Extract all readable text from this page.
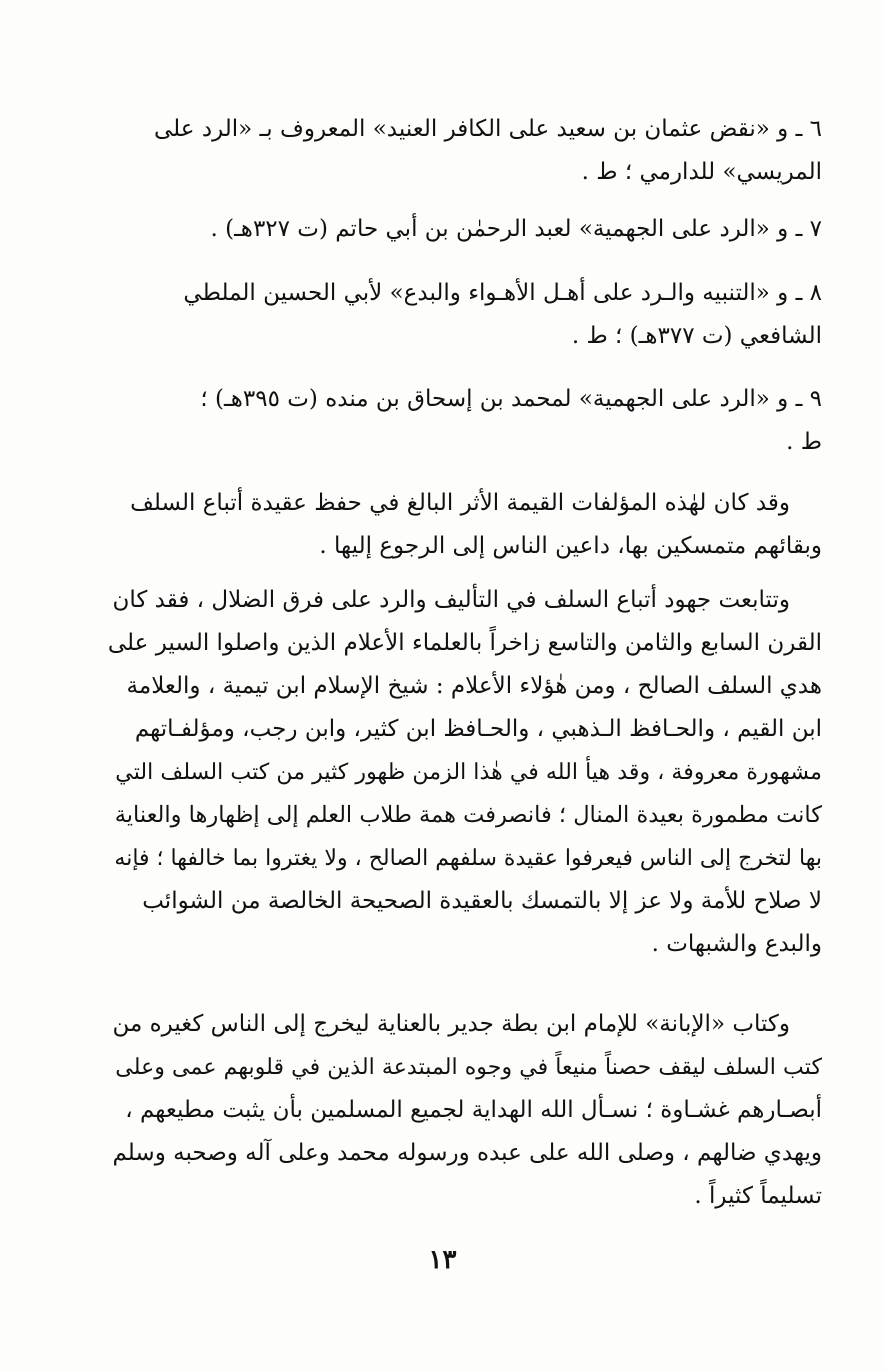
٦ ـ و «نقض عثمان بن سعيد على الكافر العنيد» المعروف بـ «الرد على
المريسي» للدارمي ؛ ط .
٧ ـ و «الرد على الجهمية» لعبد الرحمٰن بن أبي حاتم (ت ٣٢٧هـ) .
٨ ـ و «التنبيه والـرد على أهـل الأهـواء والبدع» لأبي الحسين الملطي
الشافعي (ت ٣٧٧هـ) ؛ ط .
٩ ـ و «الرد على الجهمية» لمحمد بن إسحاق بن منده (ت ٣٩٥هـ) ؛
ط .
وقد كان لهٰذه المؤلفات القيمة الأثر البالغ في حفظ عقيدة أتباع السلف
وبقائهم متمسكين بها، داعين الناس إلى الرجوع إليها .
وتتابعت جهود أتباع السلف في التأليف والرد على فرق الضلال ، فقد كان
القرن السابع والثامن والتاسع زاخراً بالعلماء الأعلام الذين واصلوا السير على
هدي السلف الصالح ، ومن هٰؤلاء الأعلام : شيخ الإسلام ابن تيمية ، والعلامة
ابن القيم ، والحـافظ الـذهبي ، والحـافظ ابن كثير، وابن رجب، ومؤلفـاتهم
مشهورة معروفة ، وقد هيأ الله في هٰذا الزمن ظهور كثير من كتب السلف التي
كانت مطمورة بعيدة المنال ؛ فانصرفت همة طلاب العلم إلى إظهارها والعناية
بها لتخرج إلى الناس فيعرفوا عقيدة سلفهم الصالح ، ولا يغتروا بما خالفها ؛ فإنه
لا صلاح للأمة ولا عز إلا بالتمسك بالعقيدة الصحيحة الخالصة من الشوائب
والبدع والشبهات .
وكتاب «الإبانة» للإمام ابن بطة جدير بالعناية ليخرج إلى الناس كغيره من
كتب السلف ليقف حصناً منيعاً في وجوه المبتدعة الذين في قلوبهم عمى وعلى
أبصـارهم غشـاوة ؛ نسـأل الله الهداية لجميع المسلمين بأن يثبت مطيعهم ،
ويهدي ضالهم ، وصلى الله على عبده ورسوله محمد وعلى آله وصحبه وسلم
تسليماً كثيراً .
١٣
